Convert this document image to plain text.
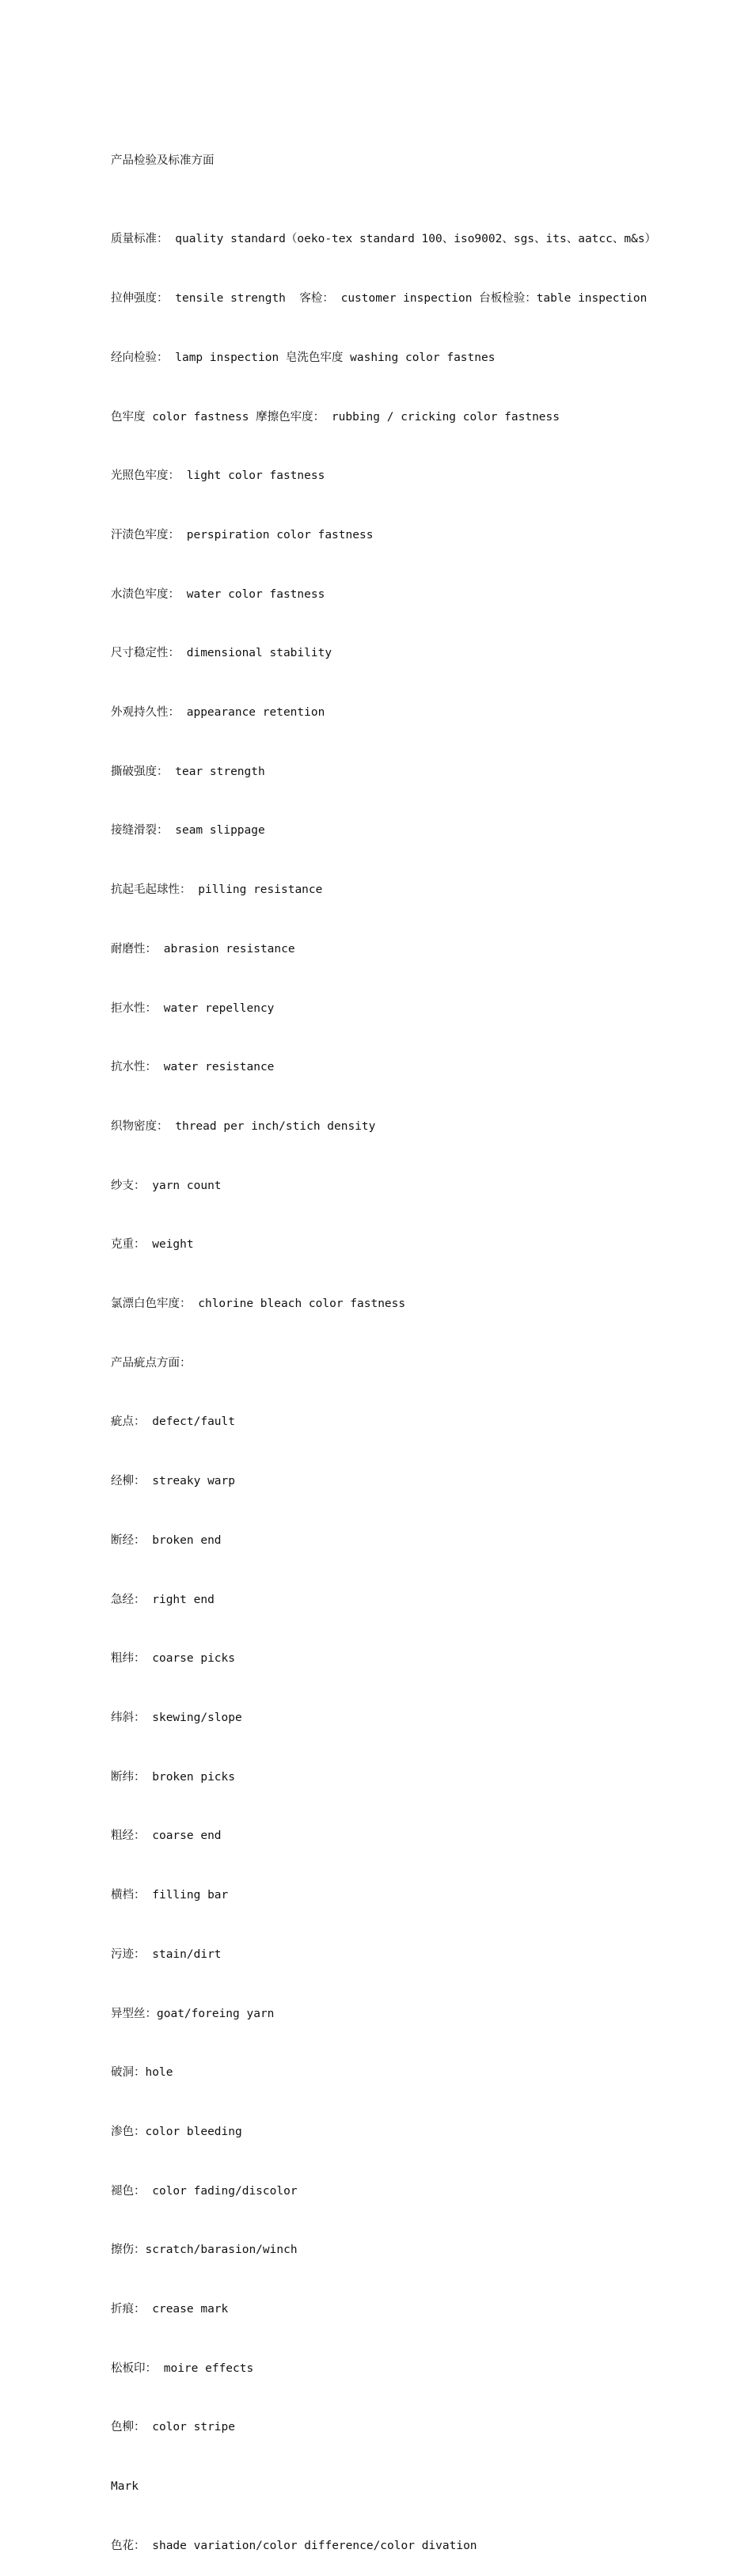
产品检验及标准方面

质量标准： quality standard（oeko-tex standard 100、iso9002、sgs、its、aatcc、m&s）

拉伸强度： tensile strength  客检： customer inspection 台板检验：table inspection

经向检验： lamp inspection 皂洗色牢度 washing color fastnes

色牢度 color fastness 摩擦色牢度： rubbing / cricking color fastness

光照色牢度： light color fastness

汗渍色牢度： perspiration color fastness

水渍色牢度： water color fastness

尺寸稳定性： dimensional stability

外观持久性： appearance retention

撕破强度： tear strength

接缝滑裂： seam slippage

抗起毛起球性： pilling resistance

耐磨性： abrasion resistance

拒水性： water repellency

抗水性： water resistance

织物密度： thread per inch/stich density

纱支： yarn count

克重： weight

氯漂白色牢度： chlorine bleach color fastness

产品疵点方面：

疵点： defect/fault

经柳： streaky warp

断经： broken end

急经： right end

粗纬： coarse picks

纬斜： skewing/slope

断纬： broken picks

粗经： coarse end

横档： filling bar

污迹： stain/dirt

异型丝：goat/foreing yarn

破洞：hole

渗色：color bleeding

褪色： color fading/discolor

擦伤：scratch/barasion/winch

折痕： crease mark

松板印： moire effects

色柳： color stripe

Mark

色花： shade variation/color difference/color divation
